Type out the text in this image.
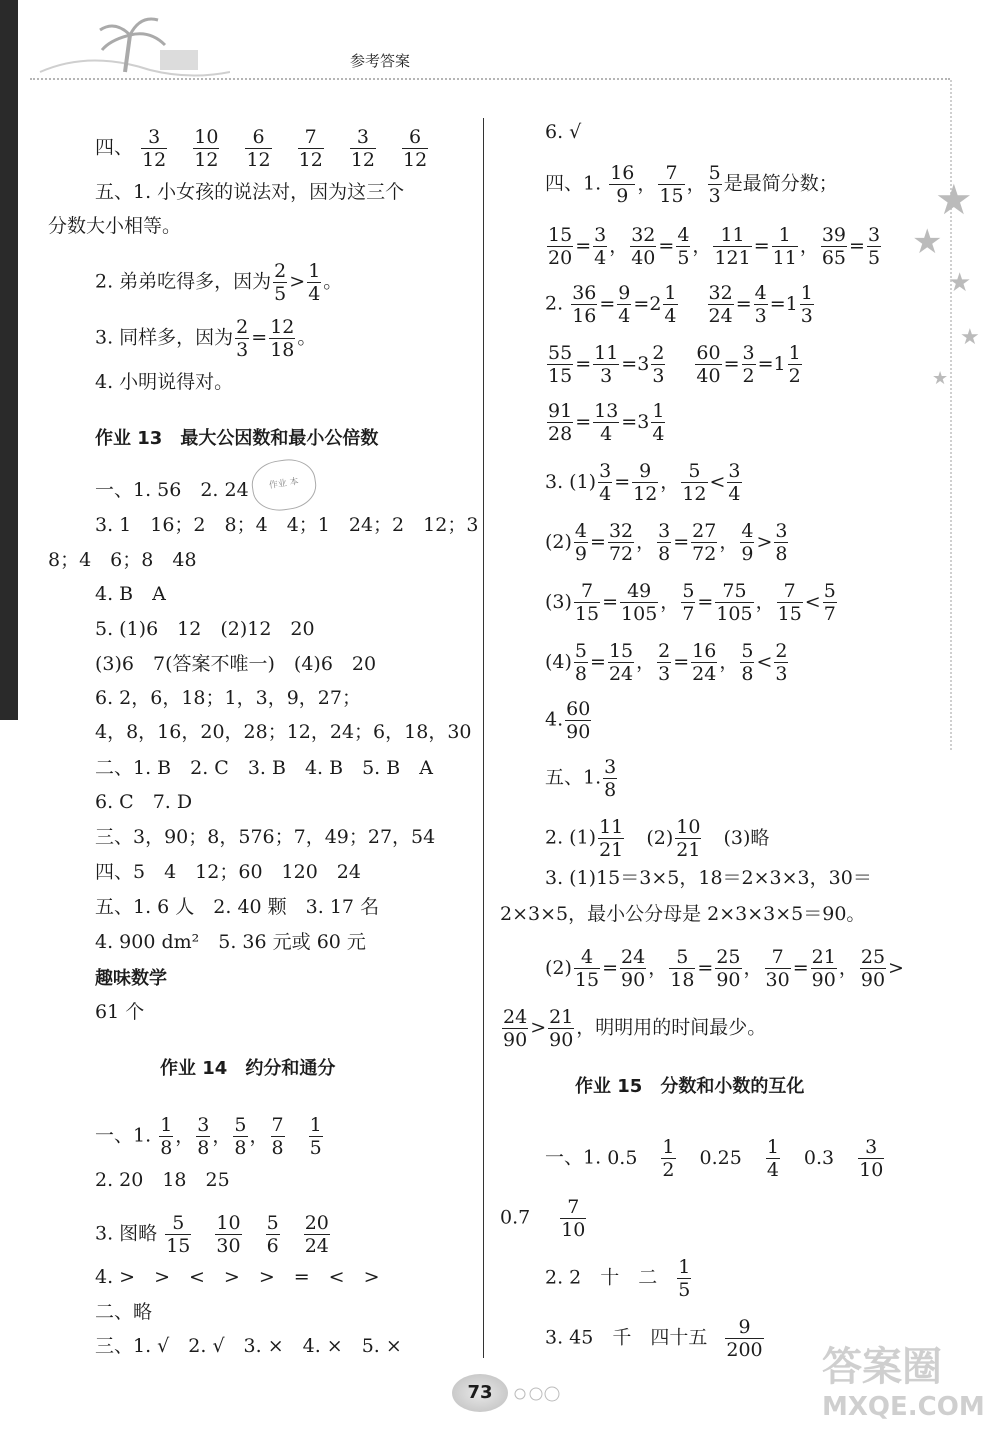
参考答案
★
★
★
★
★
四、 $\frac{3}{12} \frac{10}{12} \frac{6}{12} \frac{7}{12} \frac{3}{12} \frac{6}{12}$
五、1. 小女孩的说法对，因为这三个
分数大小相等。
2. 弟弟吃得多，因为 $\frac{2}{5} > \frac{1}{4}$ 。
3. 同样多，因为 $\frac{2}{3} = \frac{12}{18}$ 。
4. 小明说得对。
作业 13　最大公因数和最小公倍数
作业 本
一、1. 56　2. 24
3. 1　16；2　8；4　4；1　24；2　12；3
8；4　6；8　48
4. B　A
5. (1)6　12　(2)12　20
(3)6　7(答案不唯一)　(4)6　20
6. 2，6，18；1，3，9，27；
4，8，16，20，28；12，24；6，18，30
二、1. B　2. C　3. B　4. B　5. B　A
6. C　7. D
三、3，90；8，576；7，49；27，54
四、5　4　12；60　120　24
五、1. 6 人　2. 40 颗　3. 17 名
4. 900 dm²　5. 36 元或 60 元
趣味数学
61 个
作业 14　约分和通分
一、1. $\frac{1}{8}$ ， $\frac{3}{8}$ ， $\frac{5}{8}$ ， $\frac{7}{8} \frac{1}{5}$
2. 20　18　25
3. 图略 $\frac{5}{15} \frac{10}{30} \frac{5}{6} \frac{20}{24}$
4. >　>　<　>　>　=　<　>
二、略
三、1. √　2. √　3. ×　4. ×　5. ×
6. √
四、1. $\frac{16}{9}$ ， $\frac{7}{15}$ ， $\frac{5}{3}$ 是最简分数；
$\frac{15}{20} = \frac{3}{4}$ ， $\frac{32}{40} = \frac{4}{5}$ ， $\frac{11}{121} = \frac{1}{11}$ ， $\frac{39}{65} = \frac{3}{5}$
2. $\frac{36}{16} = \frac{9}{4} =2 \frac{1}{4} \frac{32}{24} = \frac{4}{3} =1 \frac{1}{3}$
$\frac{55}{15} = \frac{11}{3} =3 \frac{2}{3} \frac{60}{40} = \frac{3}{2} =1 \frac{1}{2}$
$\frac{91}{28} = \frac{13}{4} =3 \frac{1}{4}$
3. $(1) \frac{3}{4} = \frac{9}{12}$ ， $\frac{5}{12} < \frac{3}{4}$
$(2) \frac{4}{9} = \frac{32}{72}$ ， $\frac{3}{8} = \frac{27}{72}$ ， $\frac{4}{9} > \frac{3}{8}$
$(3) \frac{7}{15} = \frac{49}{105}$ ， $\frac{5}{7} = \frac{75}{105}$ ， $\frac{7}{15} < \frac{5}{7}$
$(4) \frac{5}{8} = \frac{15}{24}$ ， $\frac{2}{3} = \frac{16}{24}$ ， $\frac{5}{8} < \frac{2}{3}$
4. $\frac{60}{90}$
五、1. $\frac{3}{8}$
2. $(1) \frac{11}{21} (2) \frac{10}{21} (3)$略
3. (1)15＝3×5，18＝2×3×3，30＝
2×3×5，最小公分母是 2×3×3×5＝90。
$(2) \frac{4}{15} = \frac{24}{90}$ ， $\frac{5}{18} = \frac{25}{90}$ ， $\frac{7}{30} = \frac{21}{90}$ ， $\frac{25}{90}$ >
$\frac{24}{90} > \frac{21}{90}$ ，明明用的时间最少。
作业 15　分数和小数的互化
一、1. $0.5 \frac{1}{2} 0.25 \frac{1}{4} 0.3 \frac{3}{10}$
$0.7 \frac{7}{10}$
2. 2　十　二 $\frac{1}{5}$
3. 45　千　四十五 $\frac{9}{200}$
73
答案圈
MXQE.COM
